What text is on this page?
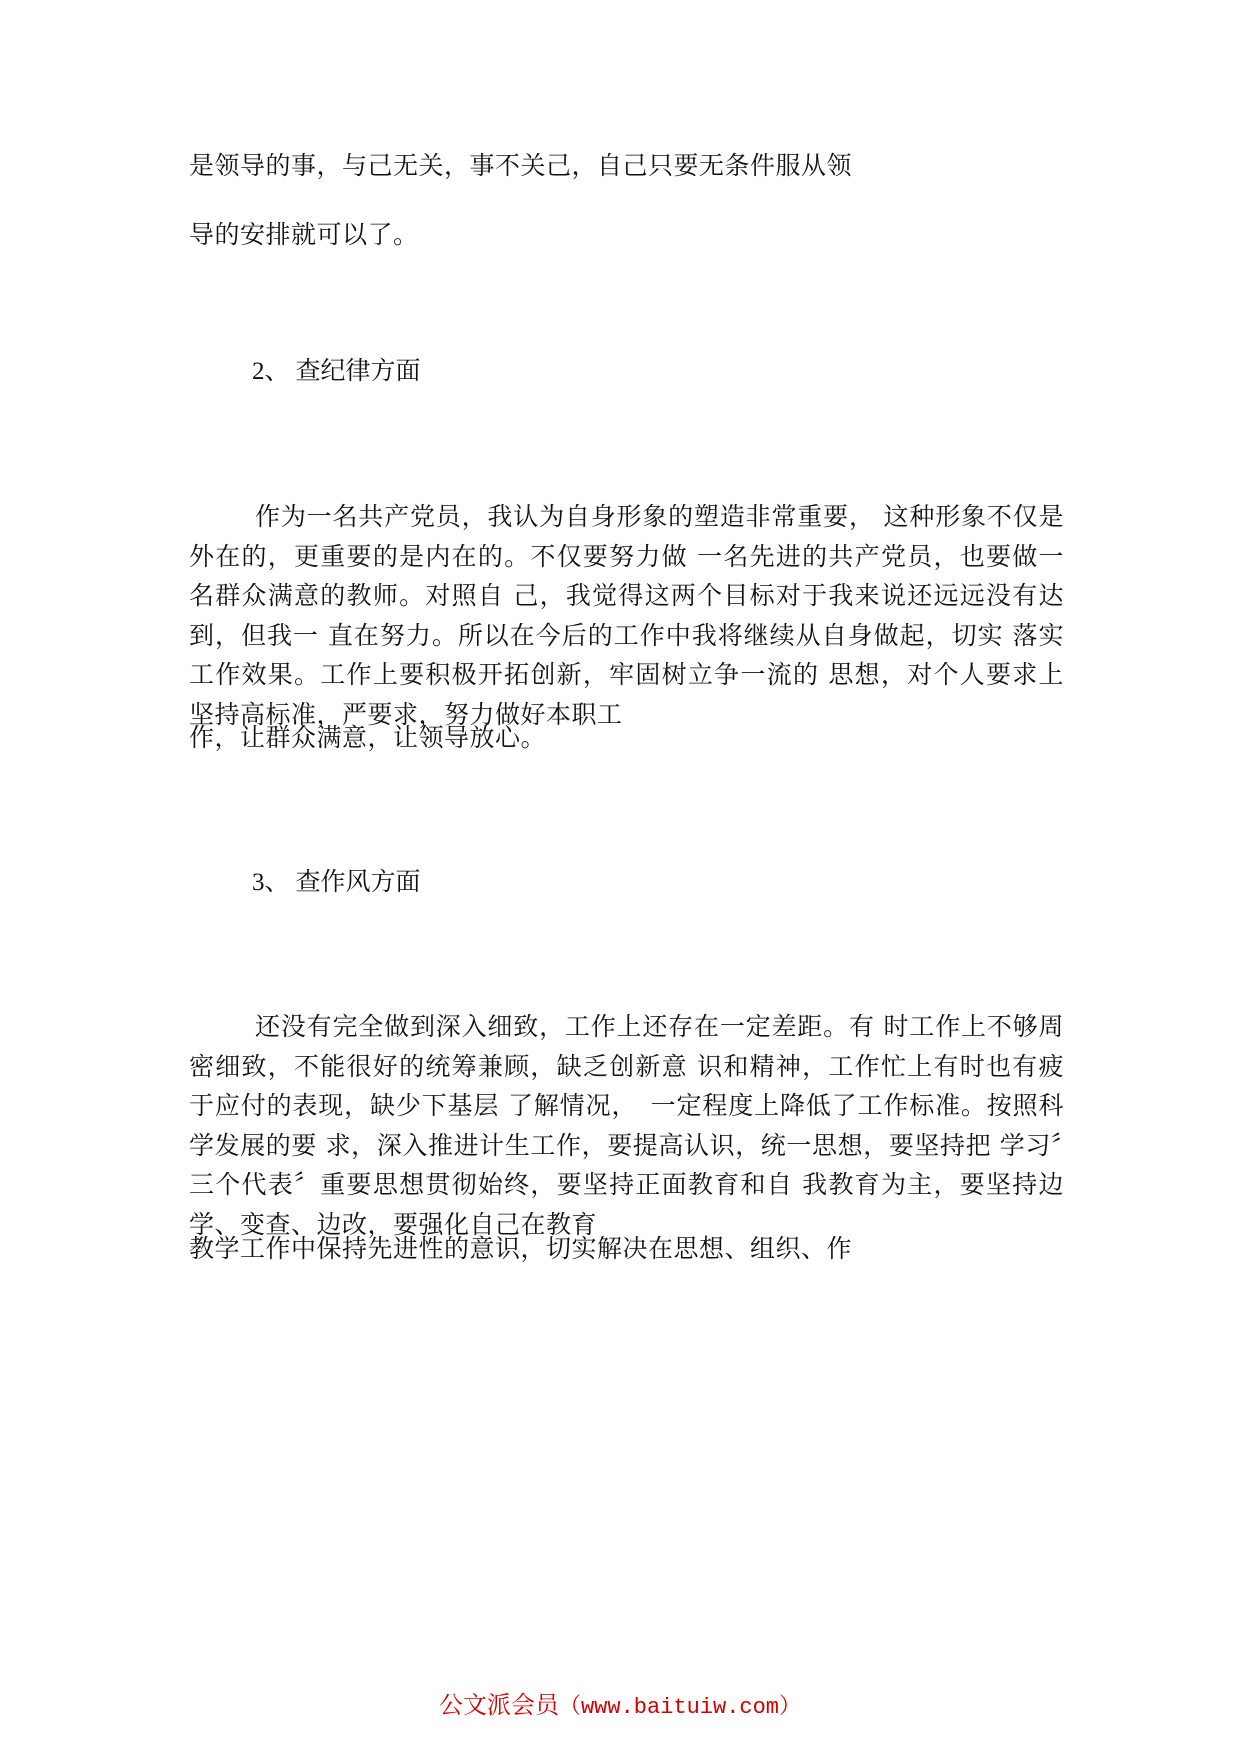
是领导的事，与己无关，事不关己，自己只要无条件服从领
导的安排就可以了。
2、 查纪律方面
作为一名共产党员，我认为自身形象的塑造非常重要， 这种形象不仅是外在的，更重要的是内在的。不仅要努力做 一名先进的共产党员，也要做一名群众满意的教师。对照自 己，我觉得这两个目标对于我来说还远远没有达到，但我一 直在努力。所以在今后的工作中我将继续从自身做起，切实 落实工作效果。工作上要积极开拓创新，牢固树立争一流的 思想，对个人要求上坚持高标准，严要求，努力做好本职工
作，让群众满意，让领导放心。
3、 查作风方面
还没有完全做到深入细致，工作上还存在一定差距。有 时工作上不够周密细致，不能很好的统筹兼顾，缺乏创新意 识和精神，工作忙上有时也有疲于应付的表现，缺少下基层 了解情况，　一定程度上降低了工作标准。按照科学发展的要 求，深入推进计生工作，要提高认识，统一思想，要坚持把 学习〞三个代表〞重要思想贯彻始终，要坚持正面教育和自 我教育为主，要坚持边学、变查、边改，要强化自己在教育
教学工作中保持先进性的意识，切实解决在思想、组织、作
公文派会员（www.baituiw.com）
